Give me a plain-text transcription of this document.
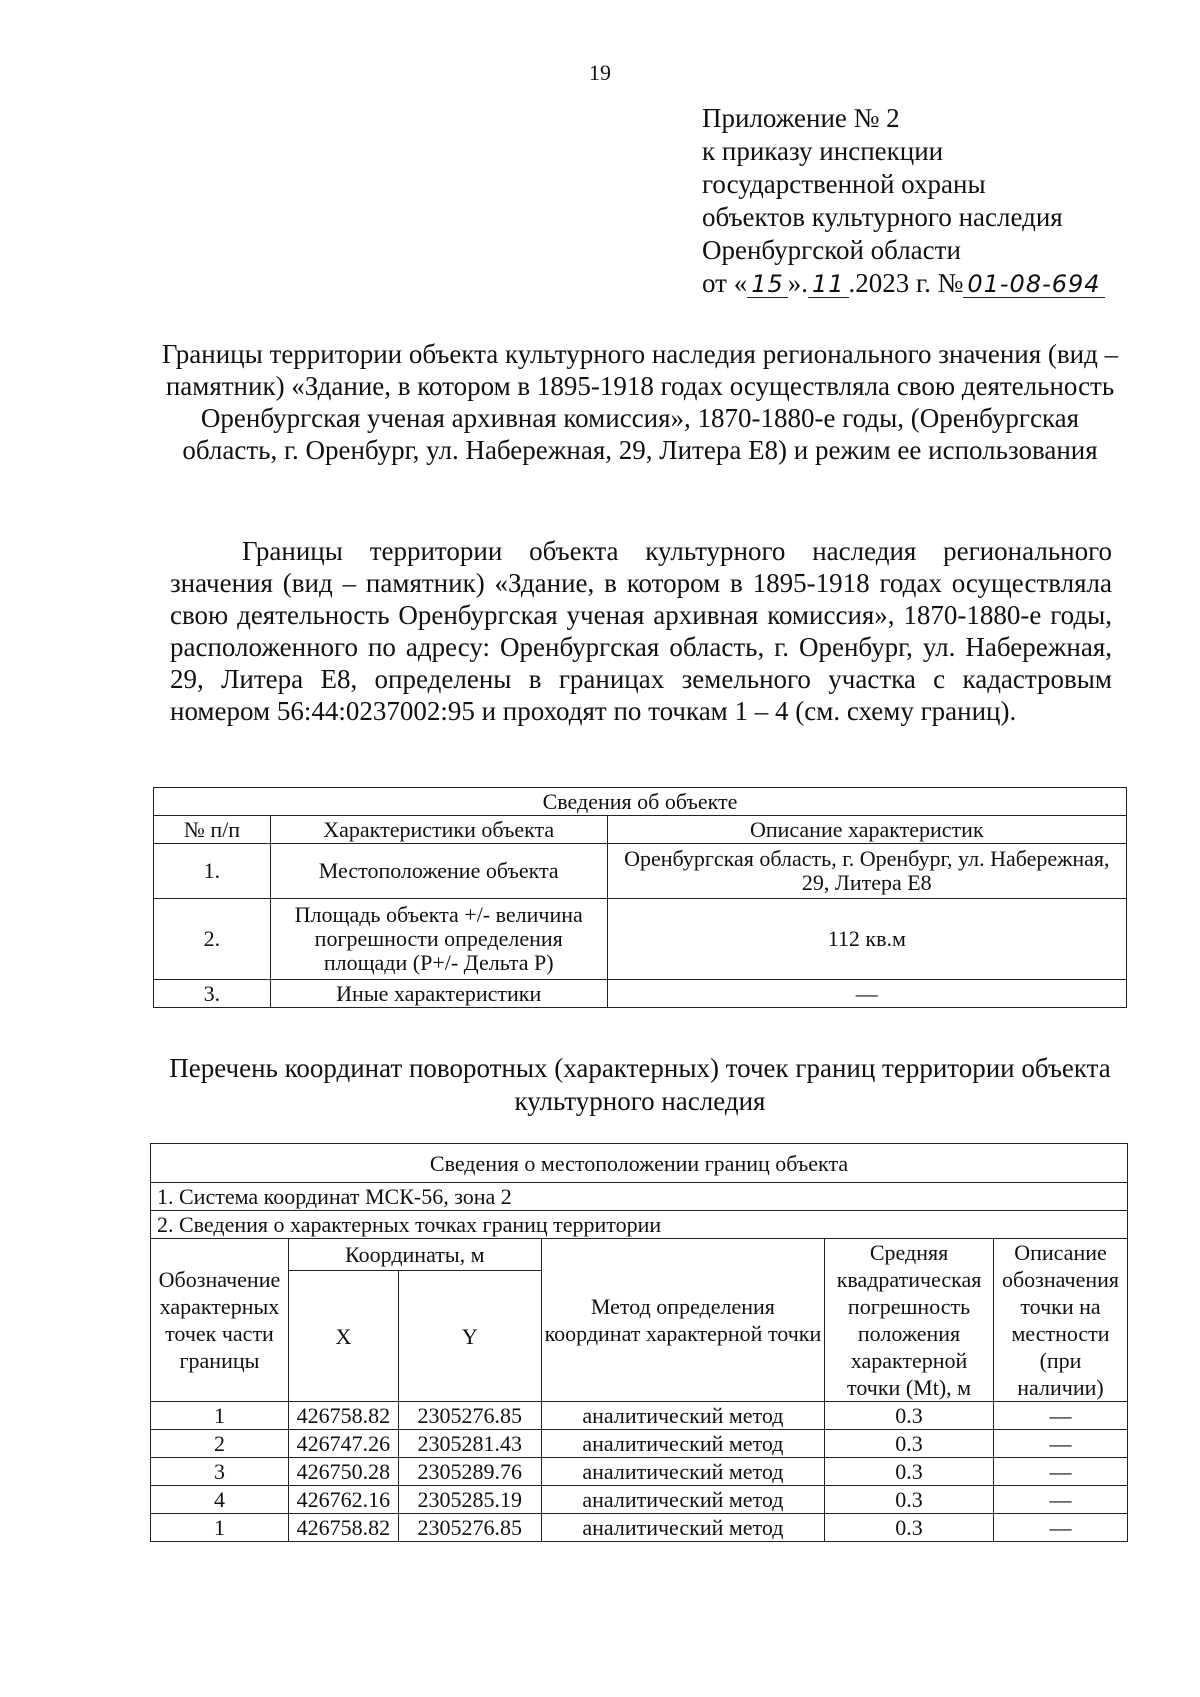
19
Приложение № 2
к приказу инспекции
государственной охраны
объектов культурного наследия
Оренбургской области
от « 15 ». 11 .2023 г. № 01-08-694
Границы территории объекта культурного наследия регионального значения (вид – памятник) «Здание, в котором в 1895-1918 годах осуществляла свою деятельность Оренбургская ученая архивная комиссия», 1870-1880-е годы, (Оренбургская область, г. Оренбург, ул. Набережная, 29, Литера Е8) и режим ее использования
Границы территории объекта культурного наследия регионального значения (вид – памятник) «Здание, в котором в 1895-1918 годах осуществляла свою деятельность Оренбургская ученая архивная комиссия», 1870-1880-е годы, расположенного по адресу: Оренбургская область, г. Оренбург, ул. Набережная, 29, Литера Е8, определены в границах земельного участка с кадастровым номером 56:44:0237002:95 и проходят по точкам 1 – 4 (см. схему границ).
Сведения об объекте		
№ п/п	Характеристики объекта	Описание характеристик
1.	Местоположение объекта	Оренбургская область, г. Оренбург, ул. Набережная, 29, Литера Е8
2.	Площадь объекта +/- величина погрешности определения площади (Р+/- Дельта Р)	112 кв.м
3.	Иные характеристики	—
Перечень координат поворотных (характерных) точек границ территории объекта культурного наследия
Сведения о местоположении границ объекта					
1. Система координат МСК-56, зона 2					
2. Сведения о характерных точках границ территории					
Обозначение характерных точек части границы	Координаты, м		Метод определения координат характерной точки	Средняя квадратическая погрешность положения характерной точки (Mt), м	Описание обозначения точки на местности (при наличии)
	X	Y			
1	426758.82	2305276.85	аналитический метод	0.3	—
2	426747.26	2305281.43	аналитический метод	0.3	—
3	426750.28	2305289.76	аналитический метод	0.3	—
4	426762.16	2305285.19	аналитический метод	0.3	—
1	426758.82	2305276.85	аналитический метод	0.3	—
